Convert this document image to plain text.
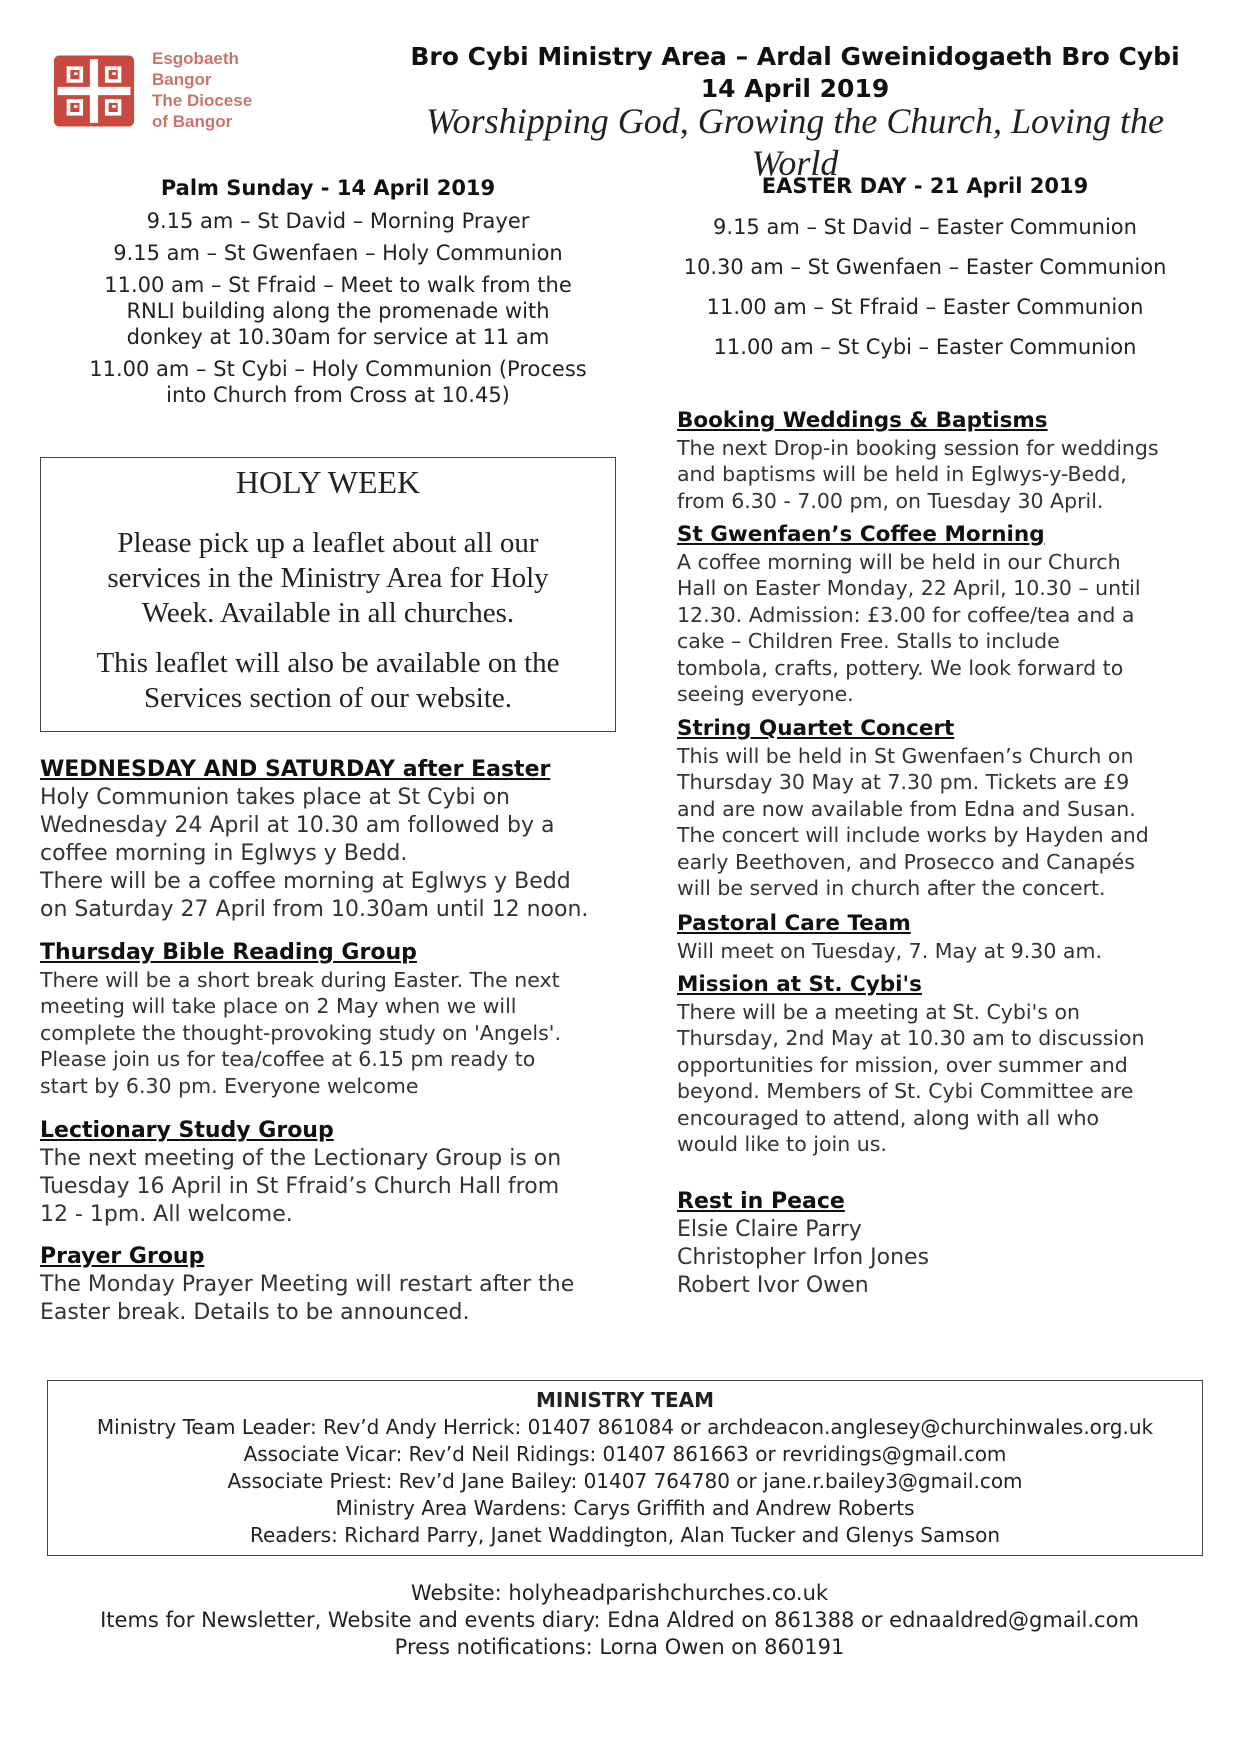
Esgobaeth
Bangor
The Diocese
of Bangor
Bro Cybi Ministry Area – Ardal Gweinidogaeth Bro Cybi
14 April 2019
Worshipping God, Growing the Church, Loving the World
Palm Sunday - 14 April 2019
9.15 am – St David – Morning Prayer
9.15 am – St Gwenfaen – Holy Communion
11.00 am – St Ffraid – Meet to walk from the
RNLI building along the promenade with
donkey at 10.30am for service at 11 am
11.00 am – St Cybi – Holy Communion (Process
into Church from Cross at 10.45)
EASTER DAY - 21 April 2019
9.15 am – St David – Easter Communion
10.30 am – St Gwenfaen – Easter Communion
11.00 am – St Ffraid – Easter Communion
11.00 am – St Cybi – Easter Communion
HOLY WEEK
Please pick up a leaflet about all our
services in the Ministry Area for Holy
Week. Available in all churches.
This leaflet will also be available on the
Services section of our website.
WEDNESDAY AND SATURDAY after Easter
Holy Communion takes place at St Cybi on
Wednesday 24 April at 10.30 am followed by a
coffee morning in Eglwys y Bedd.
There will be a coffee morning at Eglwys y Bedd
on Saturday 27 April from 10.30am until 12 noon.
Thursday Bible Reading Group
There will be a short break during Easter. The next
meeting will take place on 2 May when we will
complete the thought-provoking study on 'Angels'.
Please join us for tea/coffee at 6.15 pm ready to
start by 6.30 pm. Everyone welcome
Lectionary Study Group
The next meeting of the Lectionary Group is on
Tuesday 16 April in St Ffraid’s Church Hall from
12 - 1pm. All welcome.
Prayer Group
The Monday Prayer Meeting will restart after the
Easter break. Details to be announced.
Booking Weddings & Baptisms
The next Drop-in booking session for weddings
and baptisms will be held in Eglwys-y-Bedd,
from 6.30 - 7.00 pm, on Tuesday 30 April.
St Gwenfaen’s Coffee Morning
A coffee morning will be held in our Church
Hall on Easter Monday, 22 April, 10.30 – until
12.30. Admission: £3.00 for coffee/tea and a
cake – Children Free. Stalls to include
tombola, crafts, pottery. We look forward to
seeing everyone.
String Quartet Concert
This will be held in St Gwenfaen’s Church on
Thursday 30 May at 7.30 pm. Tickets are £9
and are now available from Edna and Susan.
The concert will include works by Hayden and
early Beethoven, and Prosecco and Canapés
will be served in church after the concert.
Pastoral Care Team
Will meet on Tuesday, 7. May at 9.30 am.
Mission at St. Cybi's
There will be a meeting at St. Cybi's on
Thursday, 2nd May at 10.30 am to discussion
opportunities for mission, over summer and
beyond. Members of St. Cybi Committee are
encouraged to attend, along with all who
would like to join us.
Rest in Peace
Elsie Claire Parry
Christopher Irfon Jones
Robert Ivor Owen
MINISTRY TEAM
Ministry Team Leader: Rev’d Andy Herrick: 01407 861084 or archdeacon.anglesey@churchinwales.org.uk
Associate Vicar: Rev’d Neil Ridings: 01407 861663 or revridings@gmail.com
Associate Priest: Rev’d Jane Bailey: 01407 764780 or jane.r.bailey3@gmail.com
Ministry Area Wardens: Carys Griffith and Andrew Roberts
Readers: Richard Parry, Janet Waddington, Alan Tucker and Glenys Samson
Website: holyheadparishchurches.co.uk
Items for Newsletter, Website and events diary: Edna Aldred on 861388 or ednaaldred@gmail.com
Press notifications: Lorna Owen on 860191
